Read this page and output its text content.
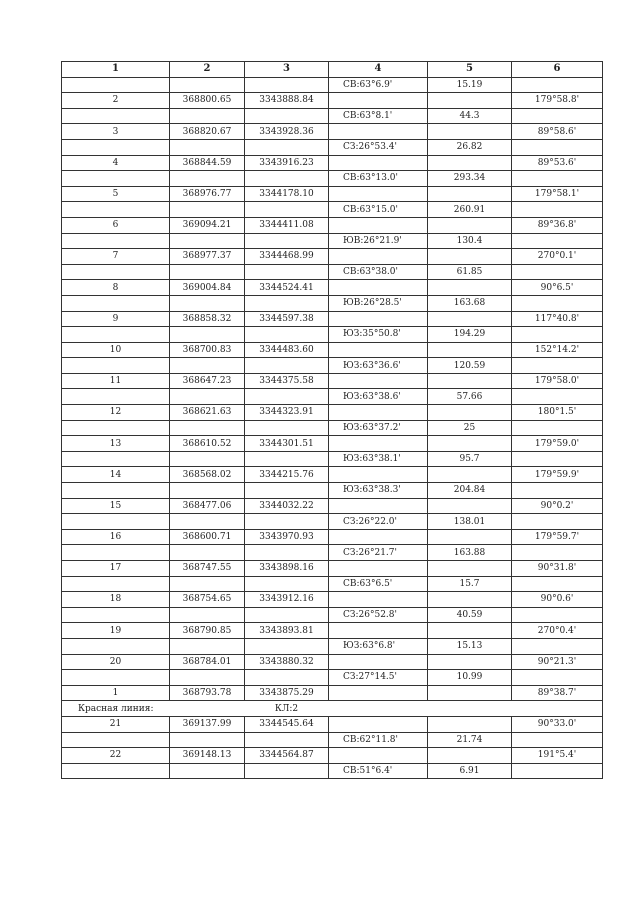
1	2	3	4	5	6
			СВ:63°6.9'	15.19	
2	368800.65	3343888.84			179°58.8'
			СВ:63°8.1'	44.3	
3	368820.67	3343928.36			89°58.6'
			СЗ:26°53.4'	26.82	
4	368844.59	3343916.23			89°53.6'
			СВ:63°13.0'	293.34	
5	368976.77	3344178.10			179°58.1'
			СВ:63°15.0'	260.91	
6	369094.21	3344411.08			89°36.8'
			ЮВ:26°21.9'	130.4	
7	368977.37	3344468.99			270°0.1'
			СВ:63°38.0'	61.85	
8	369004.84	3344524.41			90°6.5'
			ЮВ:26°28.5'	163.68	
9	368858.32	3344597.38			117°40.8'
			ЮЗ:35°50.8'	194.29	
10	368700.83	3344483.60			152°14.2'
			ЮЗ:63°36.6'	120.59	
11	368647.23	3344375.58			179°58.0'
			ЮЗ:63°38.6'	57.66	
12	368621.63	3344323.91			180°1.5'
			ЮЗ:63°37.2'	25	
13	368610.52	3344301.51			179°59.0'
			ЮЗ:63°38.1'	95.7	
14	368568.02	3344215.76			179°59.9'
			ЮЗ:63°38.3'	204.84	
15	368477.06	3344032.22			90°0.2'
			СЗ:26°22.0'	138.01	
16	368600.71	3343970.93			179°59.7'
			СЗ:26°21.7'	163.88	
17	368747.55	3343898.16			90°31.8'
			СВ:63°6.5'	15.7	
18	368754.65	3343912.16			90°0.6'
			СЗ:26°52.8'	40.59	
19	368790.85	3343893.81			270°0.4'
			ЮЗ:63°6.8'	15.13	
20	368784.01	3343880.32			90°21.3'
			СЗ:27°14.5'	10.99	
1	368793.78	3343875.29			89°38.7'
Красная линия:		КЛ:2			
21	369137.99	3344545.64			90°33.0'
			СВ:62°11.8'	21.74	
22	369148.13	3344564.87			191°5.4'
			СВ:51°6.4'	6.91	
